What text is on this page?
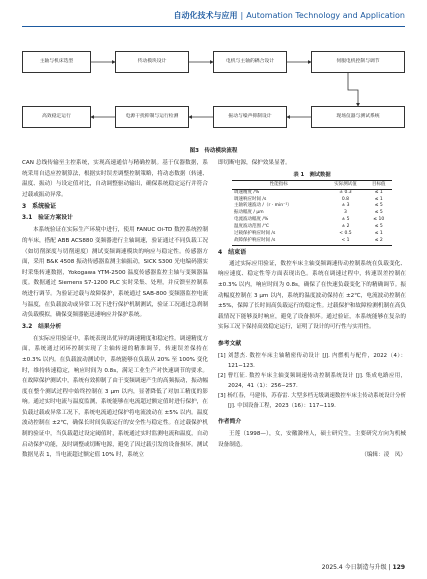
自动化技术与应用 | Automation Technology and Application
主轴与机床选型	传动模块设计	电机与主轴的耦合设计	伺服电机控制与调节
高效稳定运行	电源干扰抑制与运行检测	振动与噪声抑制设计	现场仪器与测试系统
图3　传动模块流程

CAN 总线传输至主控系统，实现高速通信与精确控制。基于仪器数据，系统采用自适应控制算法，根据实时误差调整控制策略，将动态数据（转速、温度、振动）与设定值对比，自动调整驱动输出，确保系统稳定运行并符合过载或振动异常。

3　系统验证
3.1　验证方案设计

本系统验证在实际生产环境中进行，使用 FANUC Oi-TD 数控系统控制的车床，搭配 ABB ACS880 变频器进行主轴调速，验证通过不同负载工况（如切削深度与切削速度）测试变频调速模块的响应与稳定性。传感器方面，采用 B&K 4508 振动传感器监测主轴振动，SICK S300 光电编码器实时采集转速数据，Yokogawa YTM-2500 温度传感器监控主轴与变频器温度。数据通过 Siemens S7-1200 PLC 实时采集、处理，并反馈至控制系统进行调节。为验证过载与故障保护，系统通过 SAB-800 变频器监控电流与温度，在负载波动或异常工况下进行保护机制测试，验证工况通过急刹制动负载模拟，确保变频器能迅速响应并保护系统。

3.2　结果分析

在实际应用验证中，系统表现出优异的调速精度和稳定性。调速精度方面，系统通过闭环控制实现了主轴转速的精准调节，转速误差保持在 ±0.3% 以内。在负载波动测试中，系统能够在负载从 20% 至 100% 变化时，维持转速稳定，响应时间为 0.8s，满足工业生产对快速调节的要求。在故障保护测试中，系统有效抑制了由于变频调速产生的高频振动，振动幅度在整个测试过程中始终控制在 3 µm 以内，显著降低了对加工精度的影响。通过实时电流与温度监测，系统能够在电流超过额定值时进行保护，在负载过载或异常工况下，系统电流通过保护将电流波动在 ±5% 以内。温度波动控制在 ±2℃，确保长时间负载运行的安全性与稳定性。在过载保护机制的验证中，当负载超过设定阈值时，系统通过实时监测电流和温度，自动启动保护功能，及时调整或切断电源，避免了因过载引发的设备损坏。测试数据见表 1，当电流超过额定值 10% 时，系统立

即切断电源，保护效果显著。

表 1　测试数据
性能指标	实际测试值	目标值
调速精度 /%	± 0.3	≤ 1
调速响应时间 /s	0.8	≤ 1
主轴转速波动 /（r · min⁻¹）	± 3	≤ 5
振动幅度 / µm	3	≤ 5
电流波动幅度 /%	± 5	≤ 10
温度波动范围 /℃	± 2	≤ 5
过载保护响应时间 /s	< 0.5	≤ 1
故障保护响应时间 /s	< 1	≤ 2
4　结束语

通过实际应用验证，数控车床主轴变频调速传动控制系统在负载变化、响应速度、稳定性等方面表现出色。系统在调速过程中，转速误差控制在 ±0.3% 以内，响应时间为 0.8s，确保了在快速负载变化下的精确调节。振动幅度控制在 3 µm 以内，系统的温度波动保持在 ±2℃，电流波动控制在 ±5%，保障了长时间高负载运行的稳定性。过载保护和故障检测机制在高负载情况下能够及时响应，避免了设备损坏。通过验证，本系统能够在复杂的实际工况下保持高效稳定运行，证明了设计的可行性与实用性。

参考文献
[1] 刘慧杰. 数控车床主轴精密传动设计 [J]. 内燃机与配件，2022（4）：121−123.
[2] 曹红征. 数控车床主轴变频调速传动控制系统设计 [J]. 集成电路应用，2024，41（1）：256−257.
[3] 杨红春，马建伟，苏春雷. 大型多档无级调速数控车床主传动系统设计分析 [J]. 中国设备工程，2023（16）：117−119.
作者简介

王莲（1998—），女，安徽滁州人，硕士研究生，主要研究方向为机械设备制造。

（编辑：凌　凤）
2025.4 今日制造与升级 | 129
